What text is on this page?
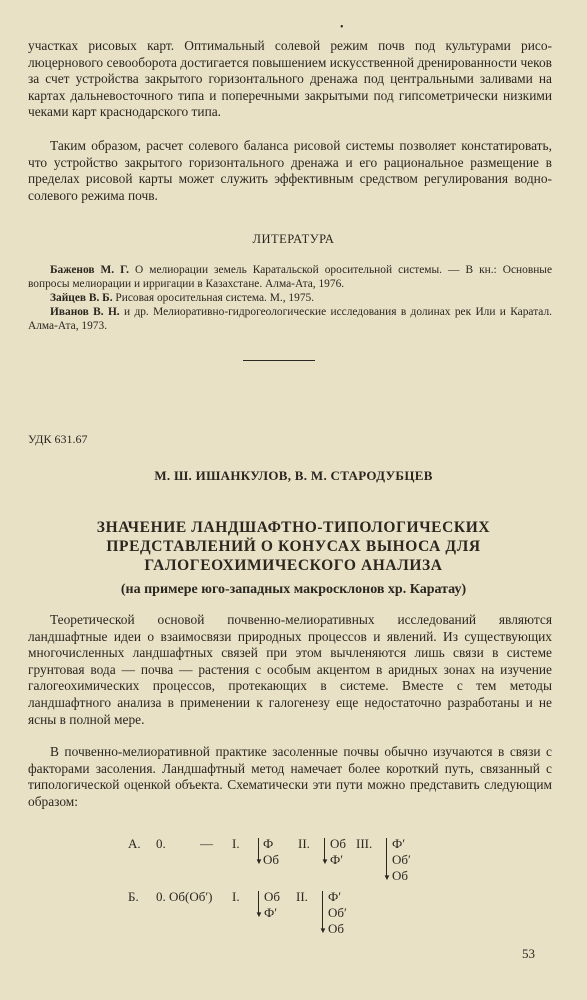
•

участках рисовых карт. Оптимальный солевой режим почв под культурами рисо-люцернового севооборота достигается повышением искусственной дренированности чеков за счет устройства закрытого горизонтального дренажа под центральными заливами на картах дальневосточного типа и поперечными закрытыми под гипсометрически низкими чеками карт краснодарского типа.

Таким образом, расчет солевого баланса рисовой системы позволяет констатировать, что устройство закрытого горизонтального дренажа и его рациональное размещение в пределах рисовой карты может служить эффективным средством регулирования водно-солевого режима почв.

ЛИТЕРАТУРА

Баженов М. Г. О мелиорации земель Каратальской оросительной системы. — В кн.: Основные вопросы мелиорации и ирригации в Казахстане. Алма-Ата, 1976.

Зайцев В. Б. Рисовая оросительная система. М., 1975.

Иванов В. Н. и др. Мелиоративно-гидрогеологические исследования в долинах рек Или и Каратал. Алма-Ата, 1973.

УДК 631.67
М. Ш. ИШАНКУЛОВ, В. М. СТАРОДУБЦЕВ
ЗНАЧЕНИЕ ЛАНДШАФТНО-ТИПОЛОГИЧЕСКИХ
ПРЕДСТАВЛЕНИЙ О КОНУСАХ ВЫНОСА ДЛЯ
ГАЛОГЕОХИМИЧЕСКОГО АНАЛИЗА
(на примере юго-западных макросклонов хр. Каратау)

Теоретической основой почвенно-мелиоративных исследований являются ландшафтные идеи о взаимосвязи природных процессов и явлений. Из существующих многочисленных ландшафтных связей при этом вычленяются лишь связи в системе грунтовая вода — почва — растения с особым акцентом в аридных зонах на изучение галогеохимических процессов, протекающих в системе. Вместе с тем методы ландшафтного анализа в применении к галогенезу еще недостаточно разработаны и не ясны в полной мере.

В почвенно-мелиоративной практике засоленные почвы обычно изучаются в связи с факторами засоления. Ландшафтный метод намечает более короткий путь, связанный с типологической оценкой объекта. Схематически эти пути можно представить следующим образом:

А. 0.	— I.
▼
Ф
Об
II.
▼
Об
Ф′
III.
▼
Ф′
Об′
Об
Б. 0. Об(Об′) I.
▼
Об
Ф′
II.
▼
Ф′
Об′
Об
53
